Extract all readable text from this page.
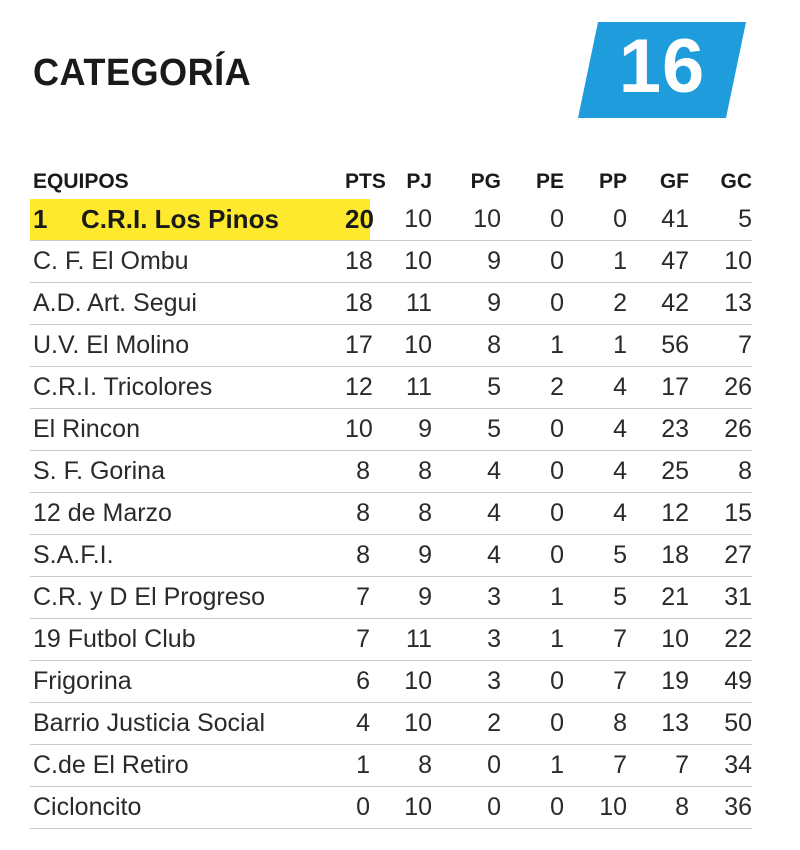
CATEGORÍA	16
EQUIPOS	PTS	PJ	PG	PE	PP	GF	GC
1 C.R.I. Los Pinos	20	10	10	0	0	41	5
C. F. El Ombu	18	10	9	0	1	47	10
A.D. Art. Segui	18	11	9	0	2	42	13
U.V. El Molino	17	10	8	1	1	56	7
C.R.I. Tricolores	12	11	5	2	4	17	26
El Rincon	10	9	5	0	4	23	26
S. F. Gorina	8	8	4	0	4	25	8
12 de Marzo	8	8	4	0	4	12	15
S.A.F.I.	8	9	4	0	5	18	27
C.R. y D El Progreso	7	9	3	1	5	21	31
19 Futbol Club	7	11	3	1	7	10	22
Frigorina	6	10	3	0	7	19	49
Barrio Justicia Social	4	10	2	0	8	13	50
C.de El Retiro	1	8	0	1	7	7	34
Cicloncito	0	10	0	0	10	8	36
